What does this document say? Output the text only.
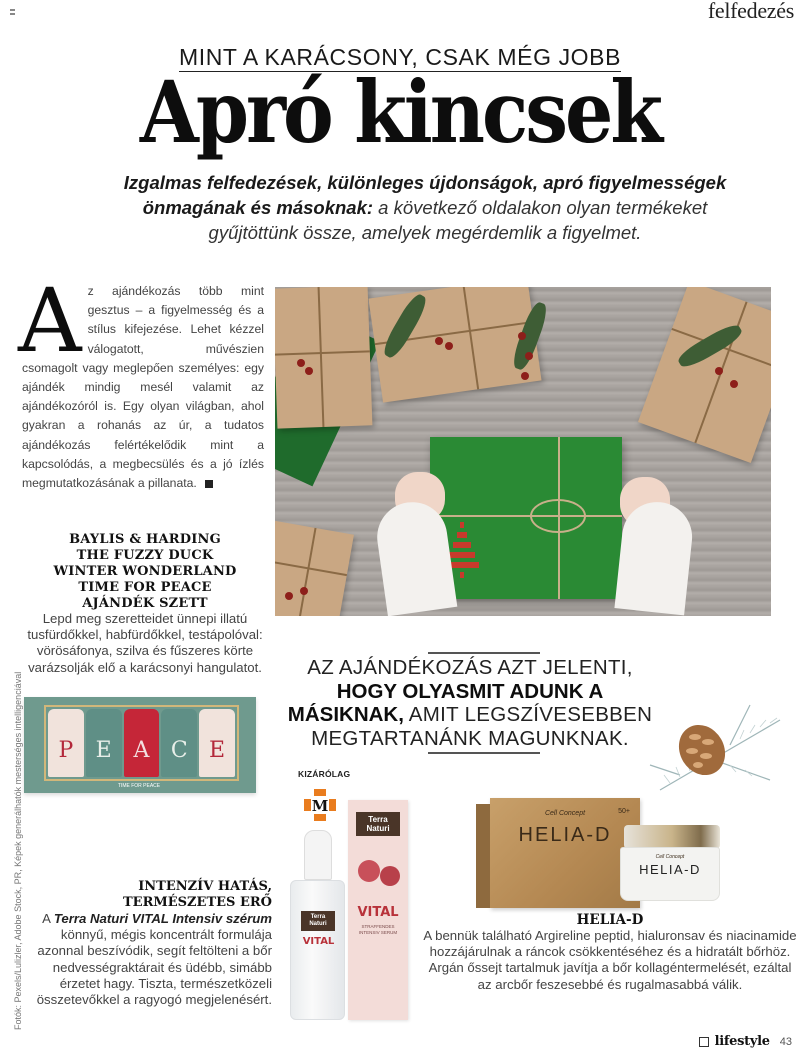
felfedezés
MINT A KARÁCSONY, CSAK MÉG JOBB
Apró kincsek
Izgalmas felfedezések, különleges újdonságok, apró figyelmességek önmagának és másoknak: a következő oldalakon olyan termékeket gyűjtöttünk össze, amelyek megérdemlik a figyelmet.
Az ajándékozás több mint gesztus – a figyelmesség és a stílus kifejezése. Lehet kézzel válogatott, művészien csomagolt vagy meglepően személyes: egy ajándék mindig mesél valamit az ajándékozóról is. Egy olyan világban, ahol gyakran a rohanás az úr, a tudatos ajándékozás felértékelődik mint a kapcsolódás, a megbecsülés és a jó ízlés megmutatkozásának a pillanata.
BAYLIS & HARDING
THE FUZZY DUCK
WINTER WONDERLAND
TIME FOR PEACE
AJÁNDÉK SZETT
Lepd meg szeretteidet ünnepi illatú tusfürdőkkel, habfürdőkkel, testápolóval: vörösáfonya, szilva és fűszeres körte varázsolják elő a karácsonyi hangulatot.
P	E A C E
TIME FOR PEACE
AZ AJÁNDÉKOZÁS AZT JELENTI,
HOGY OLYASMIT ADUNK A MÁSIKNAK, AMIT LEGSZÍVESEBBEN MEGTARTANÁNK MAGUNKNAK.
KIZÁRÓLAG
M
Terra
Naturi
VITAL
STRAFFENDES INTENSIV SERUM
Terra
Naturi
VITAL
INTENZÍV HATÁS,
TERMÉSZETES ERŐ
A Terra Naturi VITAL Intensiv szérum könnyű, mégis koncentrált formulája azonnal beszívódik, segít feltölteni a bőr nedvességraktárait és üdébb, simább érzetet hagy. Tiszta, természetközeli összetevőkkel a ragyogó megjelenésért.
Cell Concept	50+
HELIA-D
Cell Concept
HELIA-D
HELIA-D
A bennük található Argireline peptid, hialuronsav és niacinamide hozzájárulnak a ráncok csökkentéséhez és a hidratált bőrhöz. Argán őssejt tartalmuk javítja a bőr kollagéntermelését, ezáltal az arcbőr feszesebbé és rugalmasabbá válik.
Fotók: Pexels/Lulizler, Adobe Stock, PR, Képek generálhatók mesterséges intelligenciával
lifestyle 43
